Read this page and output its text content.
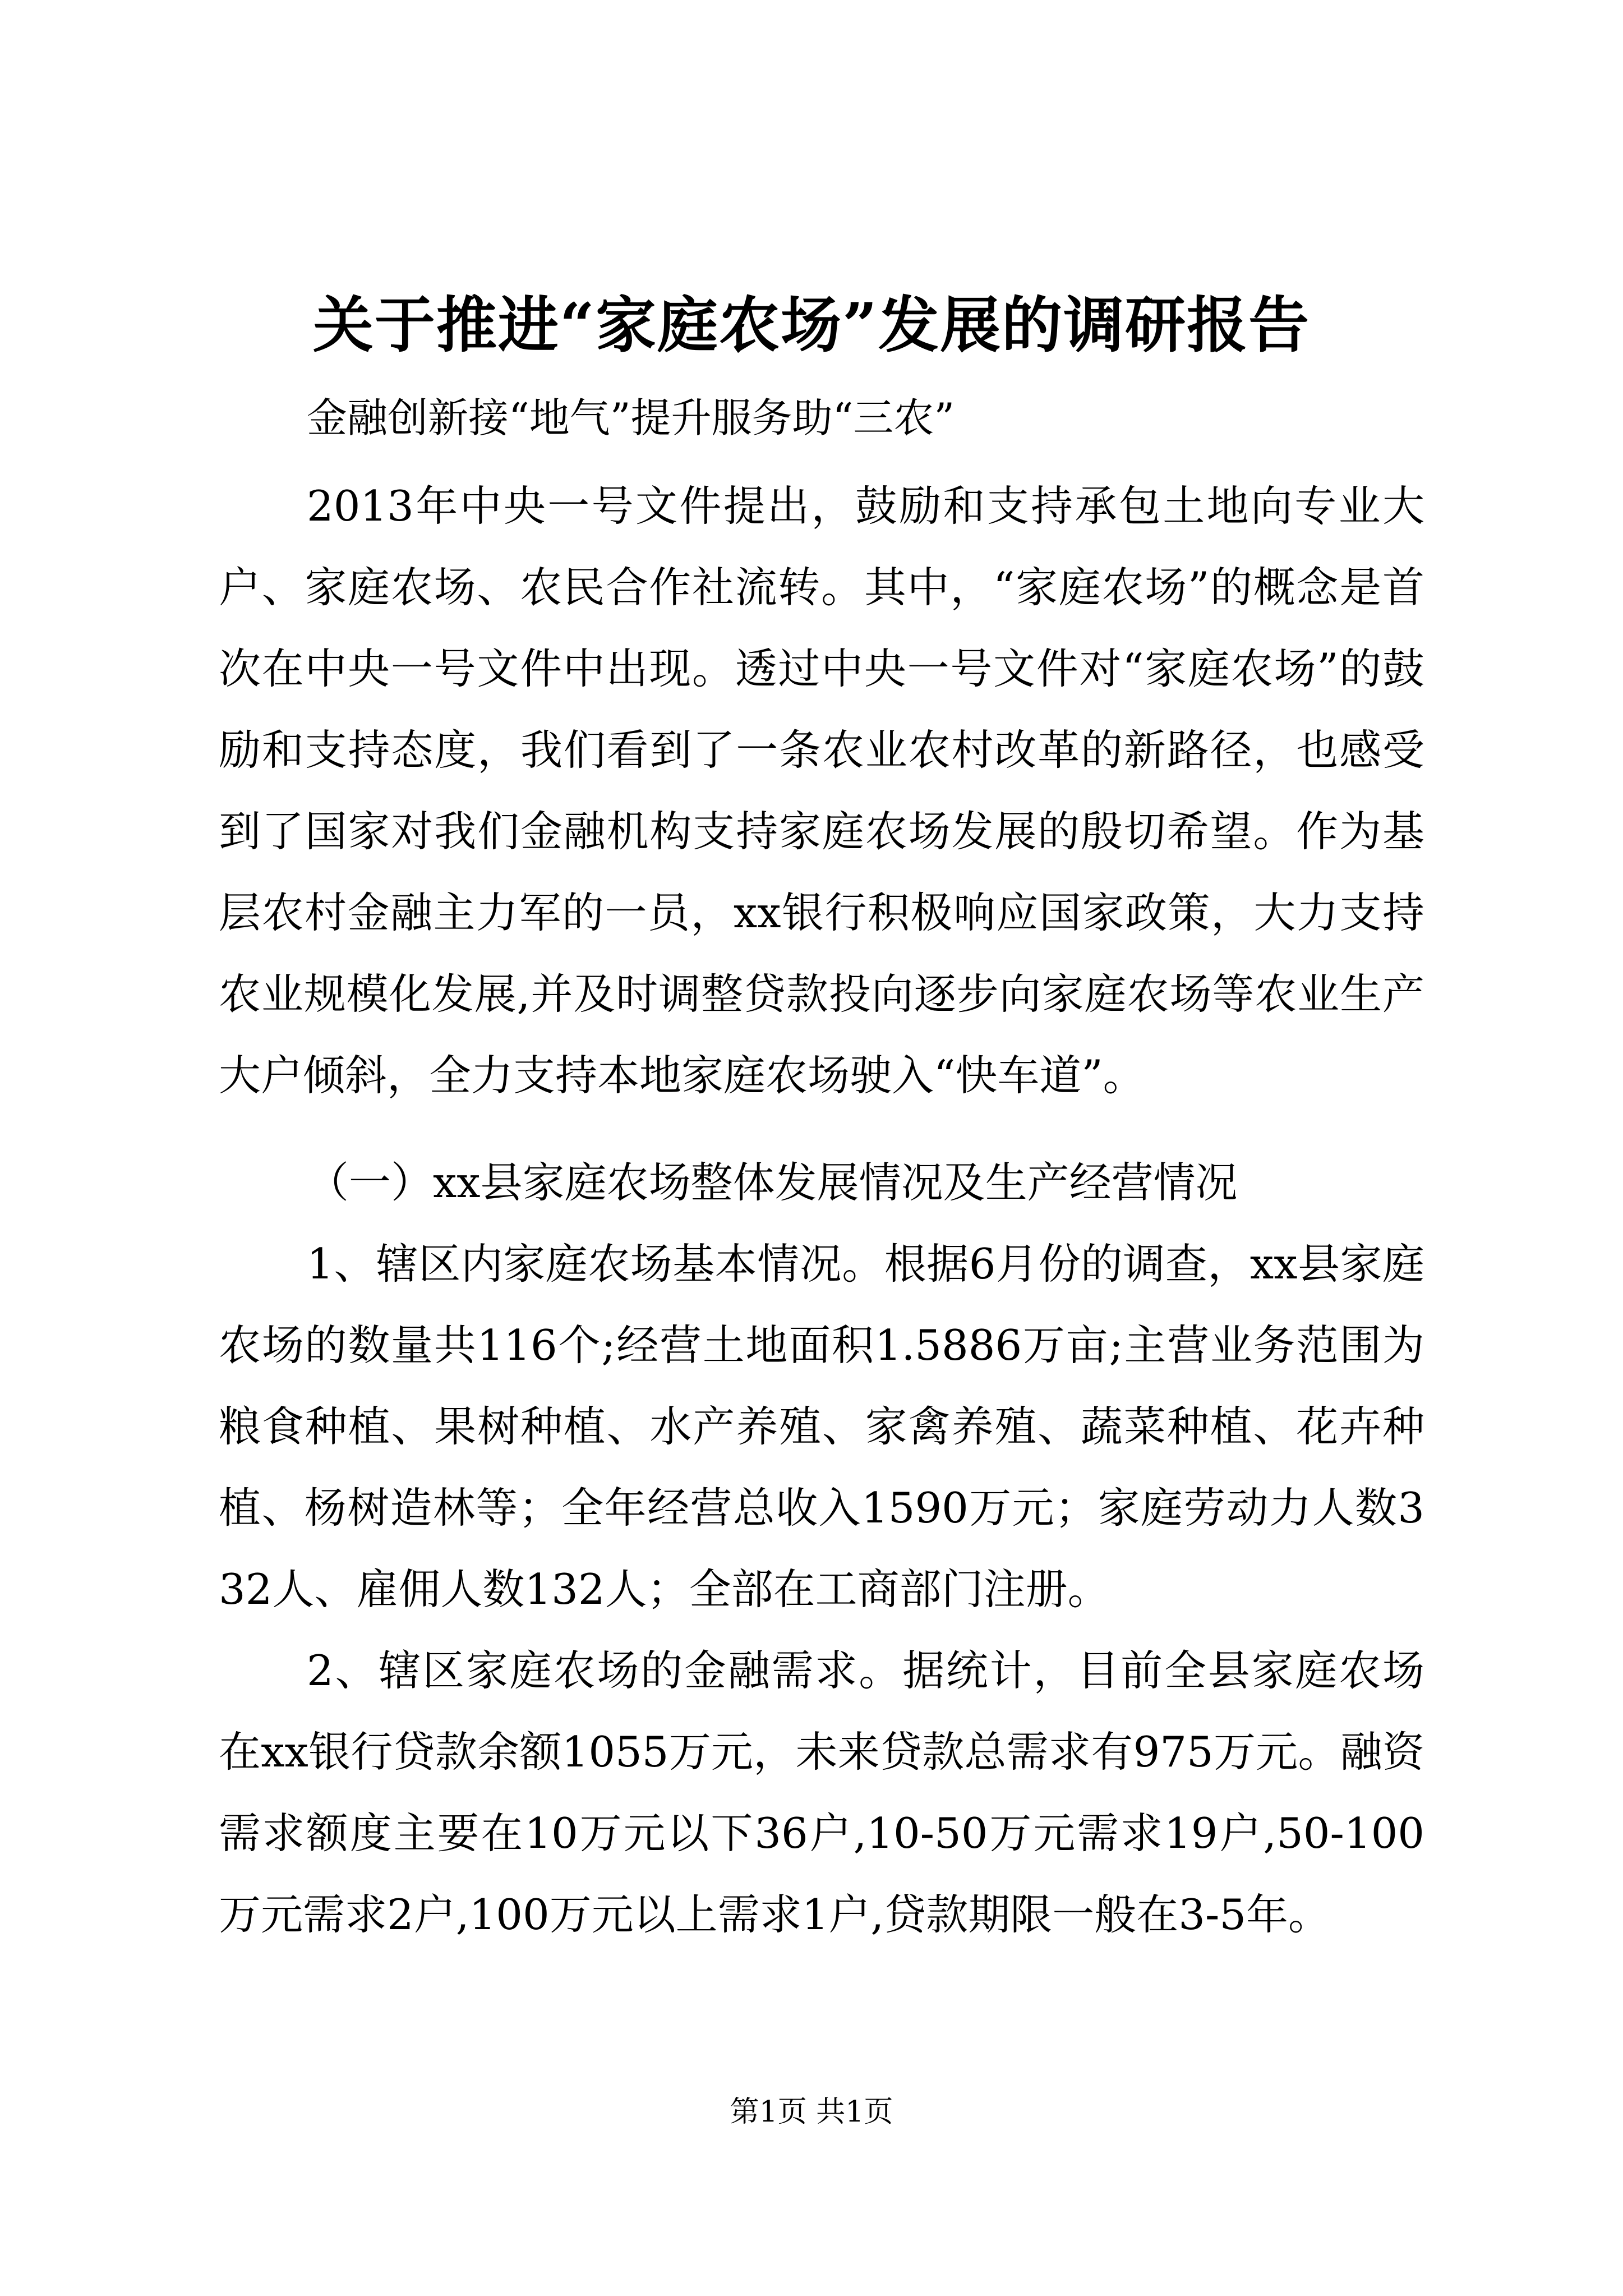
关于推进“家庭农场”发展的调研报告

金融创新接“地气”提升服务助“三农”

2013年中央一号文件提出，鼓励和支持承包土地向专业大户、家庭农场、农民合作社流转。其中，“家庭农场”的概念是首次在中央一号文件中出现。透过中央一号文件对“家庭农场”的鼓励和支持态度，我们看到了一条农业农村改革的新路径，也感受到了国家对我们金融机构支持家庭农场发展的殷切希望。作为基层农村金融主力军的一员，xx银行积极响应国家政策，大力支持农业规模化发展,并及时调整贷款投向逐步向家庭农场等农业生产大户倾斜，全力支持本地家庭农场驶入“快车道”。

（一）xx县家庭农场整体发展情况及生产经营情况

1、辖区内家庭农场基本情况。根据6月份的调查，xx县家庭农场的数量共116个;经营土地面积1.5886万亩;主营业务范围为粮食种植、果树种植、水产养殖、家禽养殖、蔬菜种植、花卉种植、杨树造林等；全年经营总收入1590万元；家庭劳动力人数332人、雇佣人数132人；全部在工商部门注册。

2、辖区家庭农场的金融需求。据统计，目前全县家庭农场在xx银行贷款余额1055万元，未来贷款总需求有975万元。融资需求额度主要在10万元以下36户,10-50万元需求19户,50-100万元需求2户,100万元以上需求1户,贷款期限一般在3-5年。

第1页 共1页
